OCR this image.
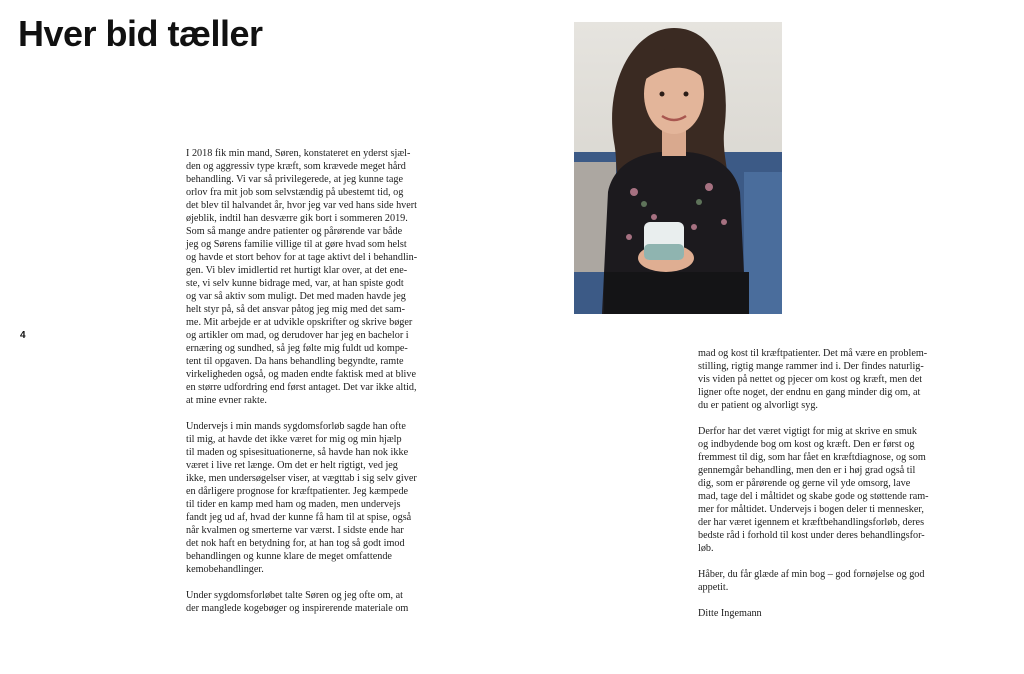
Hver bid tæller
4

I 2018 fik min mand, Søren, konstateret en yderst sjæl-
den og aggressiv type kræft, som krævede meget hård
behandling. Vi var så privilegerede, at jeg kunne tage
orlov fra mit job som selvstændig på ubestemt tid, og
det blev til halvandet år, hvor jeg var ved hans side hvert
øjeblik, indtil han desværre gik bort i sommeren 2019.
Som så mange andre patienter og pårørende var både
jeg og Sørens familie villige til at gøre hvad som helst
og havde et stort behov for at tage aktivt del i behandlin-
gen. Vi blev imidlertid ret hurtigt klar over, at det ene-
ste, vi selv kunne bidrage med, var, at han spiste godt
og var så aktiv som muligt. Det med maden havde jeg
helt styr på, så det ansvar påtog jeg mig med det sam-
me. Mit arbejde er at udvikle opskrifter og skrive bøger
og artikler om mad, og derudover har jeg en bachelor i
ernæring og sundhed, så jeg følte mig fuldt ud kompe-
tent til opgaven. Da hans behandling begyndte, ramte
virkeligheden også, og maden endte faktisk med at blive
en større udfordring end først antaget. Det var ikke altid,
at mine evner rakte.

Undervejs i min mands sygdomsforløb sagde han ofte
til mig, at havde det ikke været for mig og min hjælp
til maden og spisesituationerne, så havde han nok ikke
været i live ret længe. Om det er helt rigtigt, ved jeg
ikke, men undersøgelser viser, at vægttab i sig selv giver
en dårligere prognose for kræftpatienter. Jeg kæmpede
til tider en kamp med ham og maden, men undervejs
fandt jeg ud af, hvad der kunne få ham til at spise, også
når kvalmen og smerterne var værst. I sidste ende har
det nok haft en betydning for, at han tog så godt imod
behandlingen og kunne klare de meget omfattende
kemobehandlinger.

Under sygdomsforløbet talte Søren og jeg ofte om, at
der manglede kogebøger og inspirerende materiale om

mad og kost til kræftpatienter. Det må være en problem-
stilling, rigtig mange rammer ind i. Der findes naturlig-
vis viden på nettet og pjecer om kost og kræft, men det
ligner ofte noget, der endnu en gang minder dig om, at
du er patient og alvorligt syg.

Derfor har det været vigtigt for mig at skrive en smuk
og indbydende bog om kost og kræft. Den er først og
fremmest til dig, som har fået en kræftdiagnose, og som
gennemgår behandling, men den er i høj grad også til
dig, som er pårørende og gerne vil yde omsorg, lave
mad, tage del i måltidet og skabe gode og støttende ram-
mer for måltidet. Undervejs i bogen deler ti mennesker,
der har været igennem et kræftbehandlingsforløb, deres
bedste råd i forhold til kost under deres behandlingsfor-
løb.

Håber, du får glæde af min bog – god fornøjelse og god
appetit.

Ditte Ingemann
